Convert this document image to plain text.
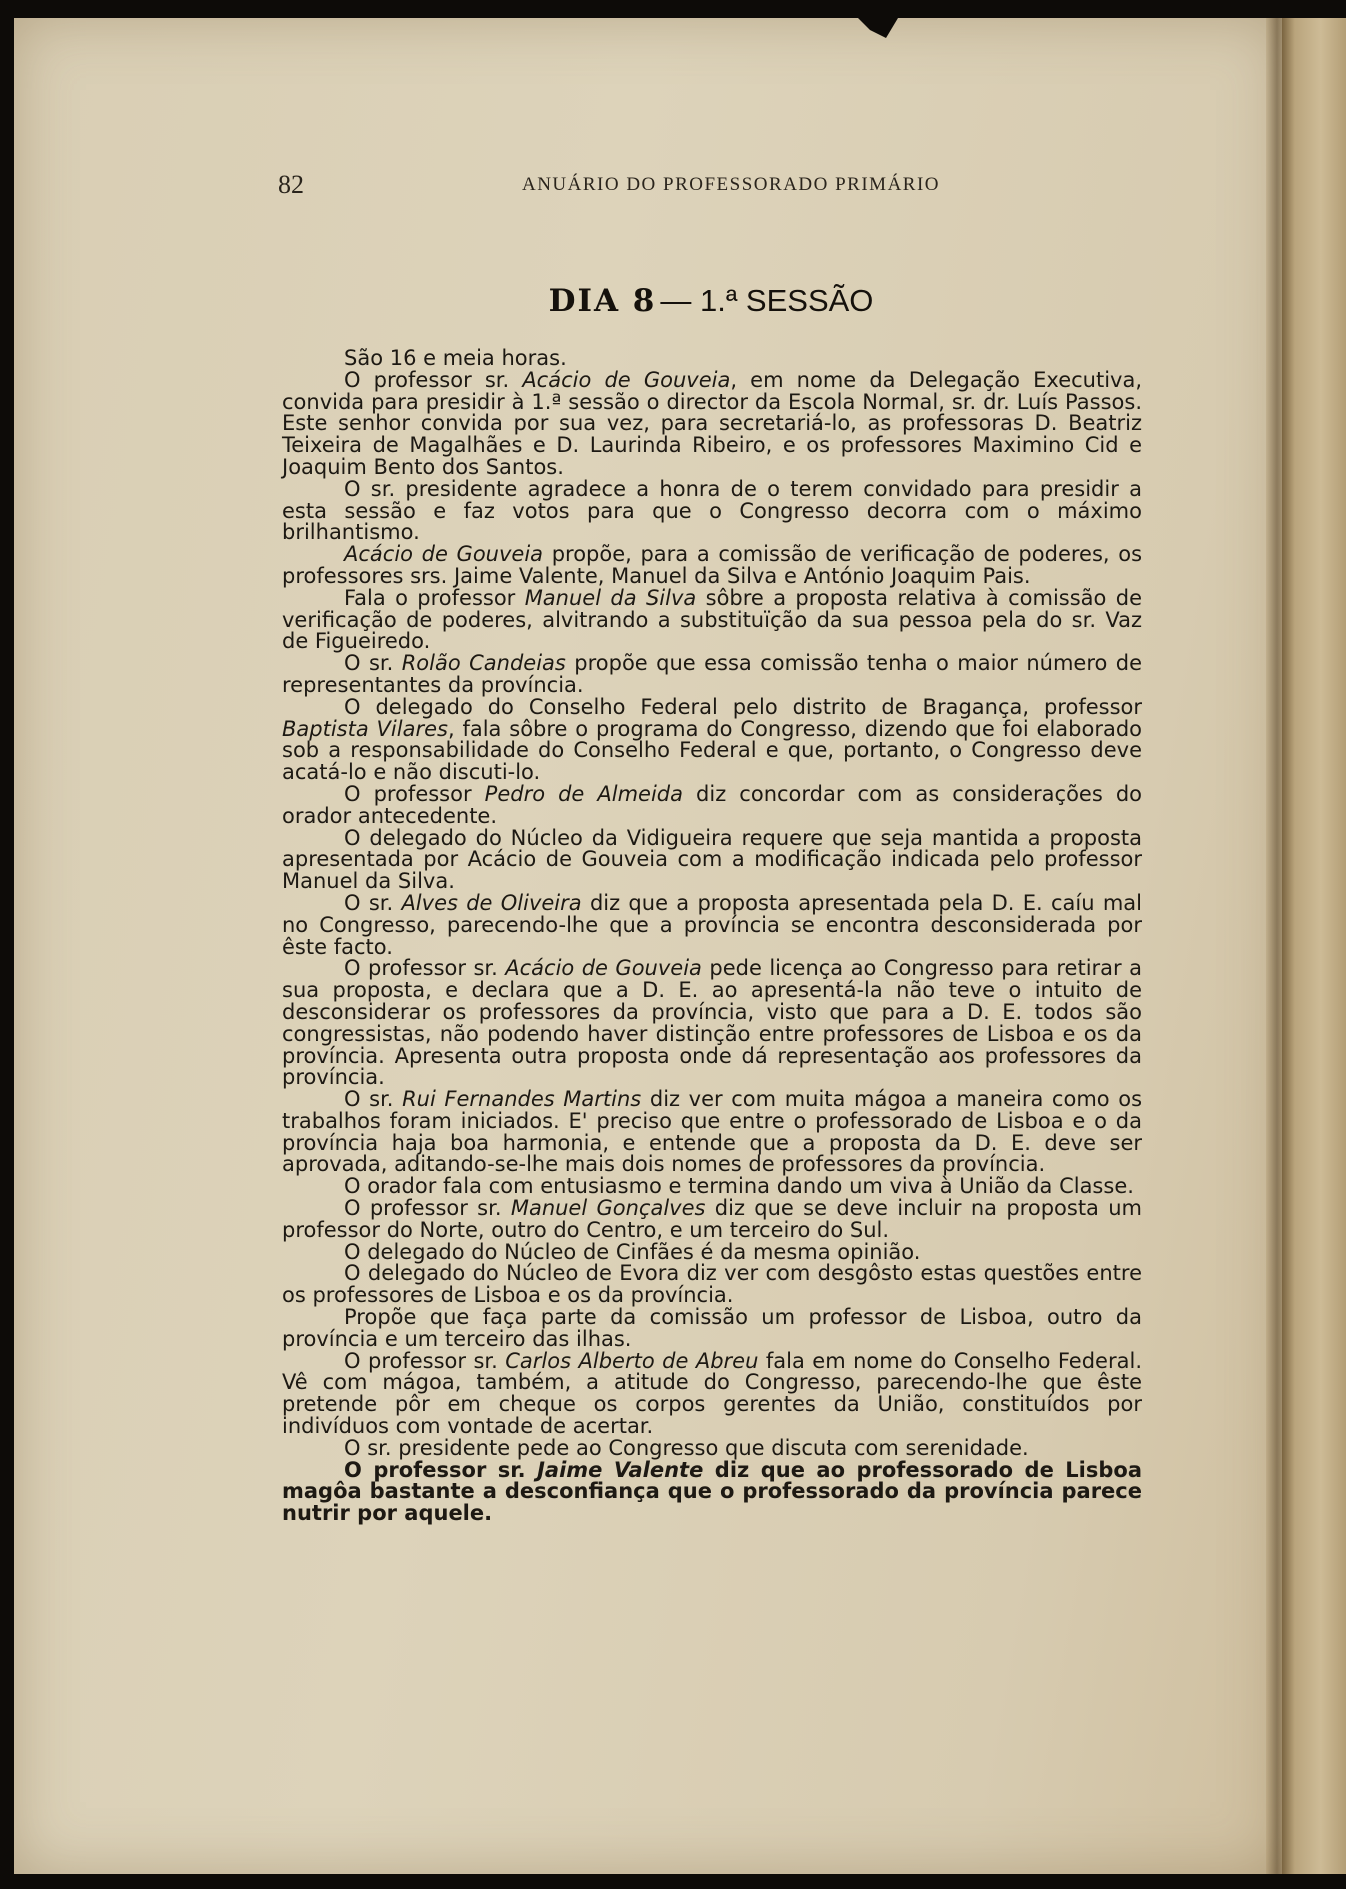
82	ANUÁRIO DO PROFESSORADO PRIMÁRIO
DIA 8 — 1.ª SESSÃO

São 16 e meia horas.

O professor sr. Acácio de Gouveia, em nome da Delegação Executiva, convida para presidir à 1.ª sessão o director da Escola Normal, sr. dr. Luís Passos. Este senhor convida por sua vez, para secretariá-lo, as professoras D. Beatriz Teixeira de Magalhães e D. Laurinda Ribeiro, e os professores Maximino Cid e Joaquim Bento dos Santos.

O sr. presidente agradece a honra de o terem convidado para presidir a esta sessão e faz votos para que o Congresso decorra com o máximo brilhantismo.

Acácio de Gouveia propõe, para a comissão de verificação de poderes, os professores srs. Jaime Valente, Manuel da Silva e António Joaquim Pais.

Fala o professor Manuel da Silva sôbre a proposta relativa à comissão de verificação de poderes, alvitrando a substituïção da sua pessoa pela do sr. Vaz de Figueiredo.

O sr. Rolão Candeias propõe que essa comissão tenha o maior número de representantes da província.

O delegado do Conselho Federal pelo distrito de Bragança, professor Baptista Vilares, fala sôbre o programa do Congresso, dizendo que foi elaborado sob a responsabilidade do Conselho Federal e que, portanto, o Congresso deve acatá-lo e não discuti-lo.

O professor Pedro de Almeida diz concordar com as considerações do orador antecedente.

O delegado do Núcleo da Vidigueira requere que seja mantida a proposta apresentada por Acácio de Gouveia com a modificação indicada pelo professor Manuel da Silva.

O sr. Alves de Oliveira diz que a proposta apresentada pela D. E. caíu mal no Congresso, parecendo-lhe que a província se encontra desconsiderada por êste facto.

O professor sr. Acácio de Gouveia pede licença ao Congresso para retirar a sua proposta, e declara que a D. E. ao apresentá-la não teve o intuito de desconsiderar os professores da província, visto que para a D. E. todos são congressistas, não podendo haver distinção entre professores de Lisboa e os da província. Apresenta outra proposta onde dá representação aos professores da província.

O sr. Rui Fernandes Martins diz ver com muita mágoa a maneira como os trabalhos foram iniciados. E' preciso que entre o professorado de Lisboa e o da província haja boa harmonia, e entende que a proposta da D. E. deve ser aprovada, aditando-se-lhe mais dois nomes de professores da província.

O orador fala com entusiasmo e termina dando um viva à União da Classe.

O professor sr. Manuel Gonçalves diz que se deve incluir na proposta um professor do Norte, outro do Centro, e um terceiro do Sul.

O delegado do Núcleo de Cinfães é da mesma opinião.

O delegado do Núcleo de Evora diz ver com desgôsto estas questões entre os professores de Lisboa e os da província.

Propõe que faça parte da comissão um professor de Lisboa, outro da província e um terceiro das ilhas.

O professor sr. Carlos Alberto de Abreu fala em nome do Conselho Federal. Vê com mágoa, também, a atitude do Congresso, parecendo-lhe que êste pretende pôr em cheque os corpos gerentes da União, constituídos por indivíduos com vontade de acertar.

O sr. presidente pede ao Congresso que discuta com serenidade.

O professor sr. Jaime Valente diz que ao professorado de Lisboa magôa bastante a desconfiança que o professorado da província parece nutrir por aquele.
